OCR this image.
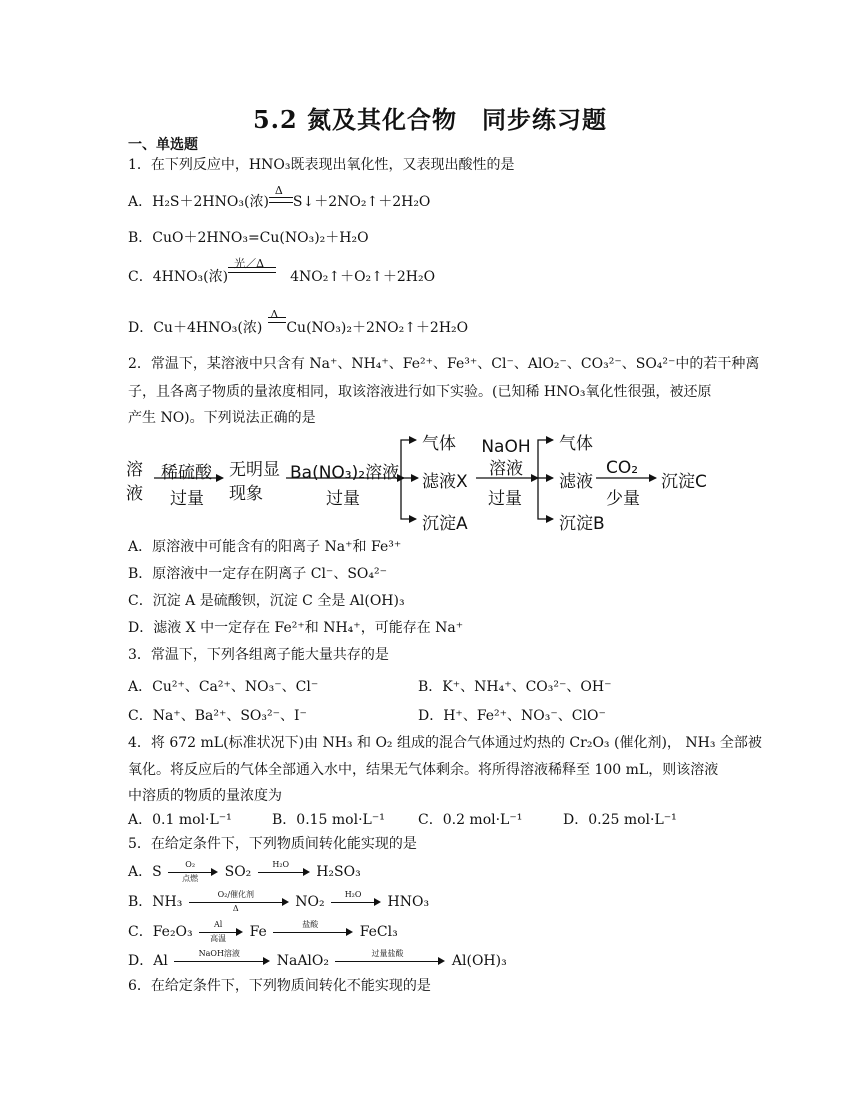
5.2 氮及其化合物　同步练习题
一、单选题
1．在下列反应中，HNO₃既表现出氧化性，又表现出酸性的是
A．H₂S＋2HNO₃(浓)
Δ
S↓＋2NO₂↑＋2H₂O
B．CuO＋2HNO₃=Cu(NO₃)₂＋H₂O
C．4HNO₃(浓)
光／Δ
4NO₂↑＋O₂↑＋2H₂O
D．Cu＋4HNO₃(浓)
Δ
Cu(NO₃)₂＋2NO₂↑＋2H₂O
2．常温下，某溶液中只含有 Na⁺、NH₄⁺、Fe²⁺、Fe³⁺、Cl⁻、AlO₂⁻、CO₃²⁻、SO₄²⁻中的若干种离
子，且各离子物质的量浓度相同，取该溶液进行如下实验。(已知稀 HNO₃氧化性很强，被还原
产生 NO)。下列说法正确的是
溶液
稀硫酸
过量
无明显现象
Ba(NO₃)₂溶液
过量
气体
滤液X
沉淀A
NaOH溶液
过量
气体
滤液
沉淀B
CO₂
少量
沉淀C
A．原溶液中可能含有的阳离子 Na⁺和 Fe³⁺
B．原溶液中一定存在阴离子 Cl⁻、SO₄²⁻
C．沉淀 A 是硫酸钡，沉淀 C 全是 Al(OH)₃
D．滤液 X 中一定存在 Fe²⁺和 NH₄⁺，可能存在 Na⁺
3．常温下，下列各组离子能大量共存的是
A．Cu²⁺、Ca²⁺、NO₃⁻、Cl⁻	B．K⁺、NH₄⁺、CO₃²⁻、OH⁻
C．Na⁺、Ba²⁺、SO₃²⁻、I⁻	D．H⁺、Fe²⁺、NO₃⁻、ClO⁻
4．将 672 mL(标准状况下)由 NH₃ 和 O₂ 组成的混合气体通过灼热的 Cr₂O₃ (催化剂)， NH₃ 全部被
氧化。将反应后的气体全部通入水中，结果无气体剩余。将所得溶液稀释至 100 mL，则该溶液
中溶质的物质的量浓度为
A．0.1 mol·L⁻¹	B．0.15 mol·L⁻¹ C．0.2 mol·L⁻¹	D．0.25 mol·L⁻¹
5．在给定条件下，下列物质间转化能实现的是
A．S	O₂
点燃	SO₂	H₂O	H₂SO₃
B．NH₃	O₂/催化剂
Δ	NO₂	H₂O	HNO₃
C．Fe₂O₃	Al
高温	Fe	盐酸	FeCl₃
D．Al	NaOH溶液	NaAlO₂	过量盐酸	Al(OH)₃
6．在给定条件下，下列物质间转化不能实现的是
